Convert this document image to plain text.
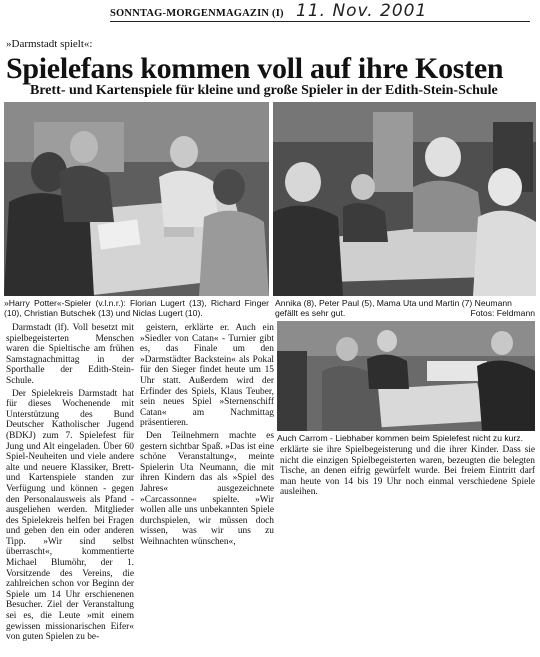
SONNTAG-MORGENMAGAZIN (I) 11. Nov. 2001
»Darmstadt spielt«:
Spielefans kommen voll auf ihre Kosten
Brett- und Kartenspiele für kleine und große Spieler in der Edith-Stein-Schule
»Harry Potter«-Spieler (v.l.n.r.): Florian Lugert (13), Richard Finger (10), Christian Butschek (13) und Niclas Lugert (10).
Annika (8), Peter Paul (5), Mama Uta und Martin (7) Neumann gefällt es sehr gut.	Fotos: Feldmann
Auch Carrom - Liebhaber kommen beim Spielefest nicht zu kurz.

Darmstadt (lf). Voll besetzt mit spielbegeisterten Menschen waren die Spieltische am frühen Samstagnachmittag in der Sporthalle der Edith-Stein-Schule.

Der Spielekreis Darmstadt hat für dieses Wochenende mit Unterstützung des Bund Deutscher Katholischer Jugend (BDKJ) zum 7. Spielefest für Jung und Alt eingeladen. Über 60 Spiel-Neuheiten und viele andere alte und neuere Klassiker, Brett- und Kartenspiele standen zur Verfügung und können - gegen den Personalausweis als Pfand - ausgeliehen werden. Mitglieder des Spielekreis helfen bei Fragen und geben den ein oder anderen Tipp. »Wir sind selbst überrascht«, kommentierte Michael Blumöhr, der 1. Vorsitzende des Vereins, die zahlreichen schon vor Beginn der Spiele um 14 Uhr erschienenen Besucher. Ziel der Veranstaltung sei es, die Leute »mit einem gewissen missionarischen Eifer« von guten Spielen zu be-

geistern, erklärte er. Auch ein »Siedler von Catan« - Turnier gibt es, das Finale um den »Darmstädter Backstein« als Pokal für den Sieger findet heute um 15 Uhr statt. Außerdem wird der Erfinder des Spiels, Klaus Teuber, sein neues Spiel »Sternenschiff Catan« am Nachmittag präsentieren.

Den Teilnehmern machte es gestern sichtbar Spaß. »Das ist eine schöne Veranstaltung«, meinte Spielerin Uta Neumann, die mit ihren Kindern das als »Spiel des Jahres« ausgezeichnete »Carcassonne« spielte. »Wir wollen alle uns unbekannten Spiele durchspielen, wir müssen doch wissen, was wir uns zu Weihnachten wünschen«,

erklärte sie ihre Spielbegeisterung und die ihrer Kinder. Dass sie nicht die einzigen Spielbegeisterten waren, bezeugten die belegten Tische, an denen eifrig gewürfelt wurde. Bei freiem Eintritt darf man heute von 14 bis 19 Uhr noch einmal verschiedene Spiele ausleihen.
